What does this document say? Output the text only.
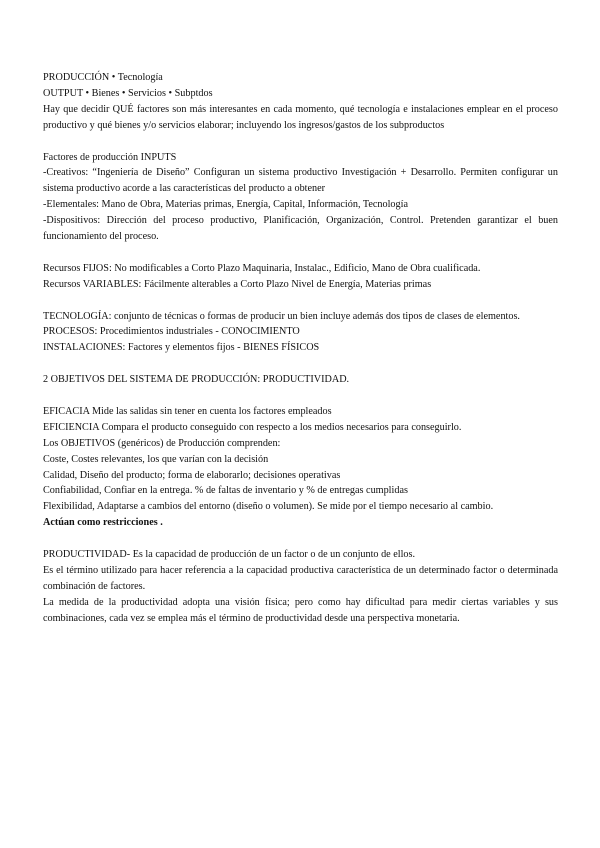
PRODUCCIÓN • Tecnología

OUTPUT • Bienes • Servicios • Subptdos

Hay que decidir QUÉ factores son más interesantes en cada momento, qué tecnología e instalaciones emplear en el proceso productivo y qué bienes y/o servicios elaborar; incluyendo los ingresos/gastos de los subproductos

Factores de producción INPUTS

-Creativos: “Ingeniería de Diseño” Configuran un sistema productivo Investigación + Desarrollo. Permiten configurar un sistema productivo acorde a las características del producto a obtener

-Elementales: Mano de Obra, Materias primas, Energía, Capital, Información, Tecnología

-Dispositivos: Dirección del proceso productivo, Planificación, Organización, Control. Pretenden garantizar el buen funcionamiento del proceso.

Recursos FIJOS: No modificables a Corto Plazo Maquinaria, Instalac., Edificio, Mano de Obra cualificada.

Recursos VARIABLES: Fácilmente alterables a Corto Plazo Nivel de Energía, Materias primas

TECNOLOGÍA: conjunto de técnicas o formas de producir un bien incluye además dos tipos de clases de elementos.

PROCESOS: Procedimientos industriales - CONOCIMIENTO

INSTALACIONES: Factores y elementos fijos - BIENES FÍSICOS

2 OBJETIVOS DEL SISTEMA DE PRODUCCIÓN: PRODUCTIVIDAD.

EFICACIA Mide las salidas sin tener en cuenta los factores empleados

EFICIENCIA Compara el producto conseguido con respecto a los medios necesarios para conseguirlo.

Los OBJETIVOS (genéricos) de Producción comprenden:

Coste, Costes relevantes, los que varían con la decisión

Calidad, Diseño del producto; forma de elaborarlo; decisiones operativas

Confiabilidad, Confiar en la entrega. % de faltas de inventario y % de entregas cumplidas

Flexibilidad, Adaptarse a cambios del entorno (diseño o volumen). Se mide por el tiempo necesario al cambio.

Actúan como restricciones .

PRODUCTIVIDAD- Es la capacidad de producción de un factor o de un conjunto de ellos.

Es el término utilizado para hacer referencia a la capacidad productiva característica de un determinado factor o determinada combinación de factores.

La medida de la productividad adopta una visión física; pero como hay dificultad para medir ciertas variables y sus combinaciones, cada vez se emplea más el término de productividad desde una perspectiva monetaria.
